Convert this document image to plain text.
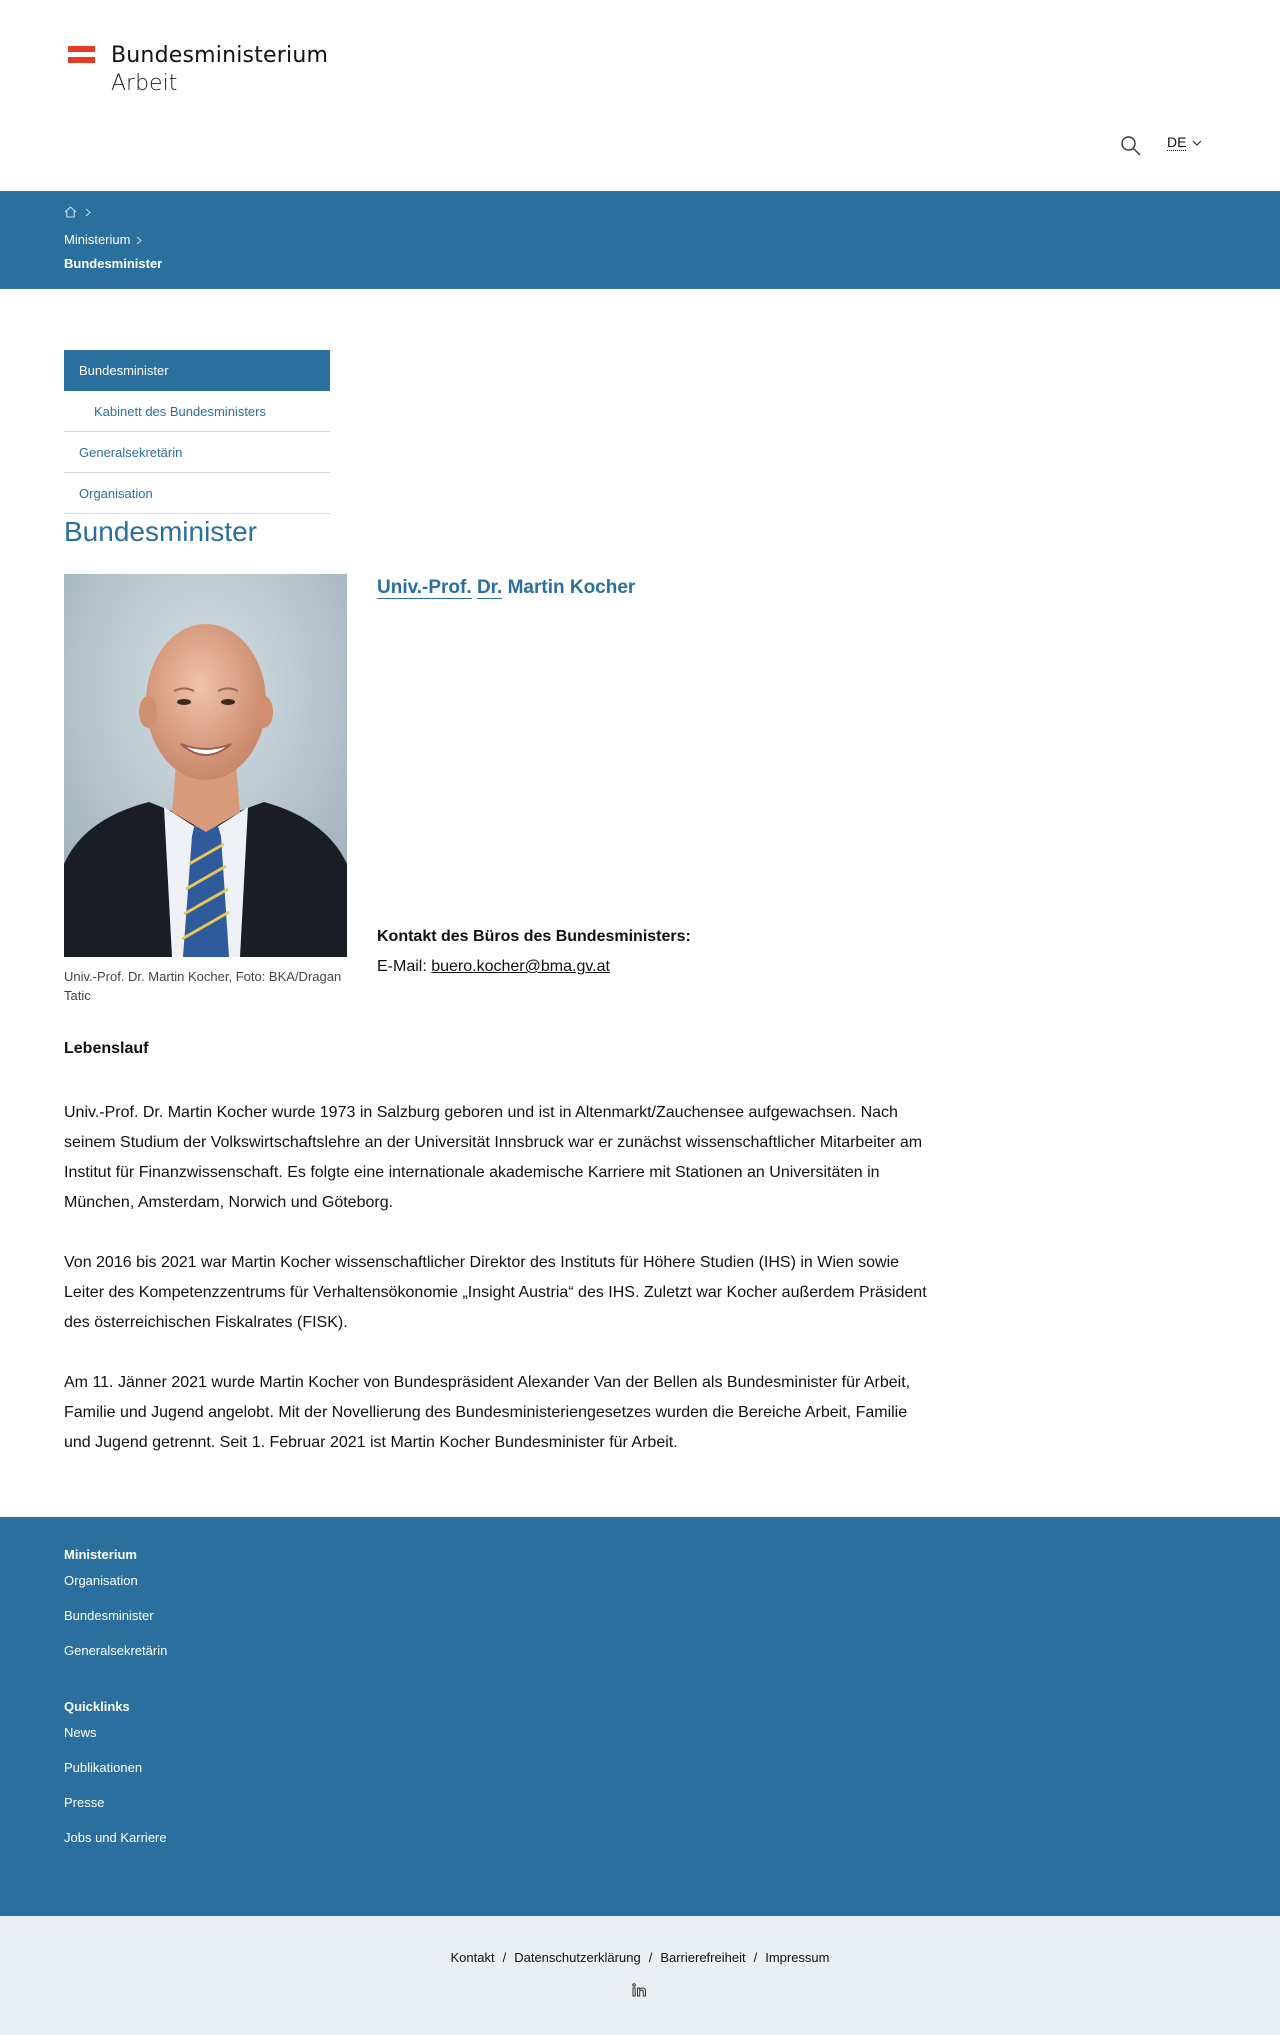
Bundesministerium
Arbeit
DE
Ministerium
Bundesminister
Bundesminister
Kabinett des Bundesministers
Generalsekretärin
Organisation
Bundesminister
Univ.-Prof. Dr. Martin Kocher, Foto: BKA/Dragan Tatic
Univ.-Prof. Dr. Martin Kocher
Kontakt des Büros des Bundesministers:
E-Mail: buero.kocher@bma.gv.at
Lebenslauf

Univ.-Prof. Dr. Martin Kocher wurde 1973 in Salzburg geboren und ist in Altenmarkt/Zauchensee aufgewachsen. Nach seinem Studium der Volkswirtschaftslehre an der Universität Innsbruck war er zunächst wissenschaftlicher Mitarbeiter am Institut für Finanzwissenschaft. Es folgte eine internationale akademische Karriere mit Stationen an Universitäten in München, Amsterdam, Norwich und Göteborg.

Von 2016 bis 2021 war Martin Kocher wissenschaftlicher Direktor des Instituts für Höhere Studien (IHS) in Wien sowie Leiter des Kompetenzzentrums für Verhaltensökonomie „Insight Austria“ des IHS. Zuletzt war Kocher außerdem Präsident des österreichischen Fiskalrates (FISK).

Am 11. Jänner 2021 wurde Martin Kocher von Bundespräsident Alexander Van der Bellen als Bundesminister für Arbeit, Familie und Jugend angelobt. Mit der Novellierung des Bundesministeriengesetzes wurden die Bereiche Arbeit, Familie und Jugend getrennt. Seit 1. Februar 2021 ist Martin Kocher Bundesminister für Arbeit.

Ministerium
Organisation
Bundesminister
Generalsekretärin
Quicklinks
News
Publikationen
Presse
Jobs und Karriere
Kontakt / Datenschutzerklärung / Barrierefreiheit / Impressum
